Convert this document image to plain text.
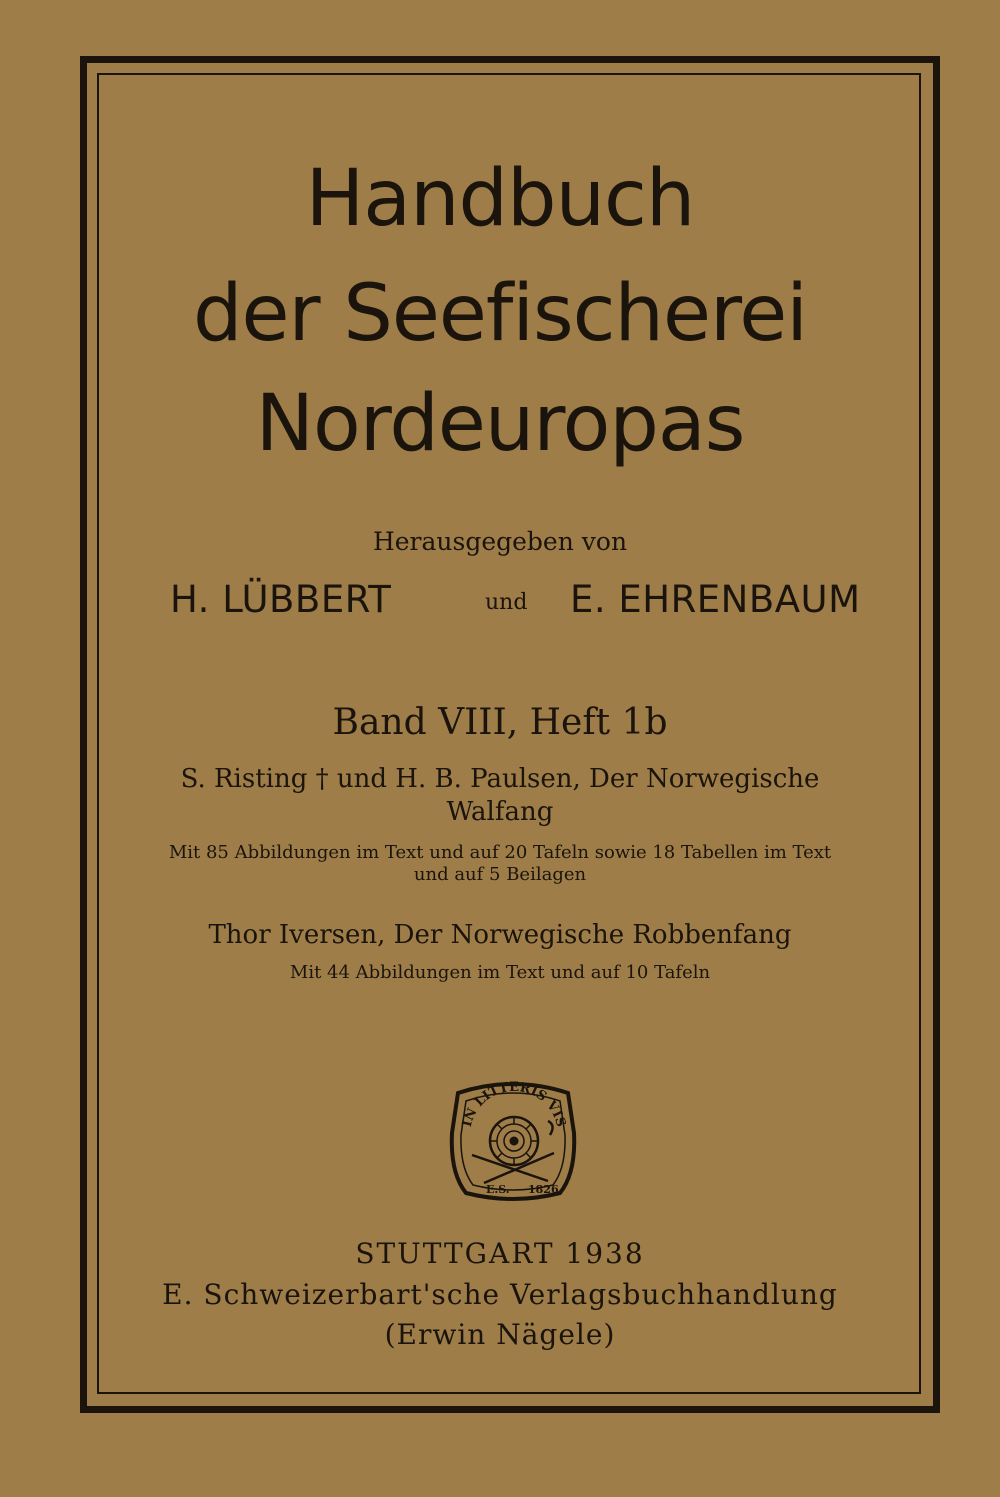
Handbuch
der Seefischerei
Nordeuropas
Herausgegeben von
H. LÜBBERT	und E. EHRENBAUM
Band VIII, Heft 1b
S. Risting † und H. B. Paulsen, Der Norwegische
Walfang
Mit 85 Abbildungen im Text und auf 20 Tafeln sowie 18 Tabellen im Text
und auf 5 Beilagen
Thor Iversen, Der Norwegische Robbenfang
Mit 44 Abbildungen im Text und auf 10 Tafeln
IN LITTERIS VIS
E.S. 1826
STUTTGART 1938
E. Schweizerbart'sche Verlagsbuchhandlung
(Erwin Nägele)
